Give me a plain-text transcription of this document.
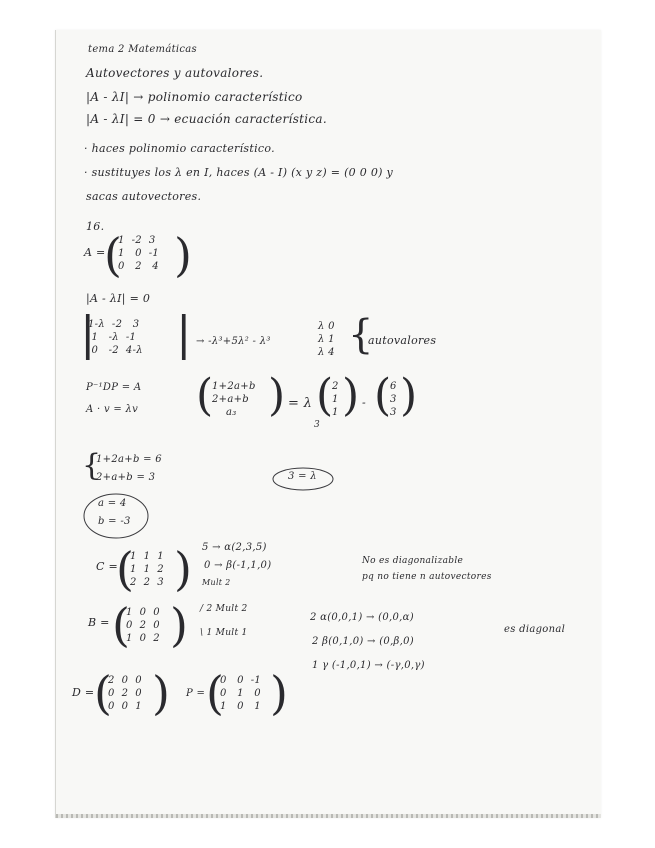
tema 2 Matemáticas
Autovectores y autovalores.
|A - λI| → polinomio característico
|A - λI| = 0 → ecuación característica.
· haces polinomio característico.
· sustituyes los λ en I, haces (A - I) (x y z) = (0 0 0) y
sacas autovectores.
16.
A =
(
1  -2  3
1   0  -1
0   2   4 )
|A - λI| = 0
|
1-λ  -2   3
1   -λ  -1
0   -2  4-λ | → -λ³+5λ² - λ³
λ 0
λ 1
λ 4 {
autovalores
P⁻¹DP = A
A · v = λv (
1+2a+b
2+a+b
a₃ ) = λ (
2
1
1 ) - (
6
3
3 )
3
{
1+2a+b = 6
2+a+b = 3	3 = λ
a = 4
b = -3
C =
(
1  1  1
1  1  2
2  2  3 ) 5 → α(2,3,5)
0 → β(-1,1,0)
Mult 2
No es diagonalizable
pq no tiene n autovectores
B = (
1  0  0
0  2  0
1  0  2 ) / 2 Mult 2
\ 1 Mult 1
2 α(0,0,1) → (0,0,α)
2 β(0,1,0) → (0,β,0)
1 γ (-1,0,1) → (-γ,0,γ)
es diagonal
D = (
2  0  0
0  2  0
0  0  1 ) P = (
0   0  -1
0   1   0
1   0   1 )
